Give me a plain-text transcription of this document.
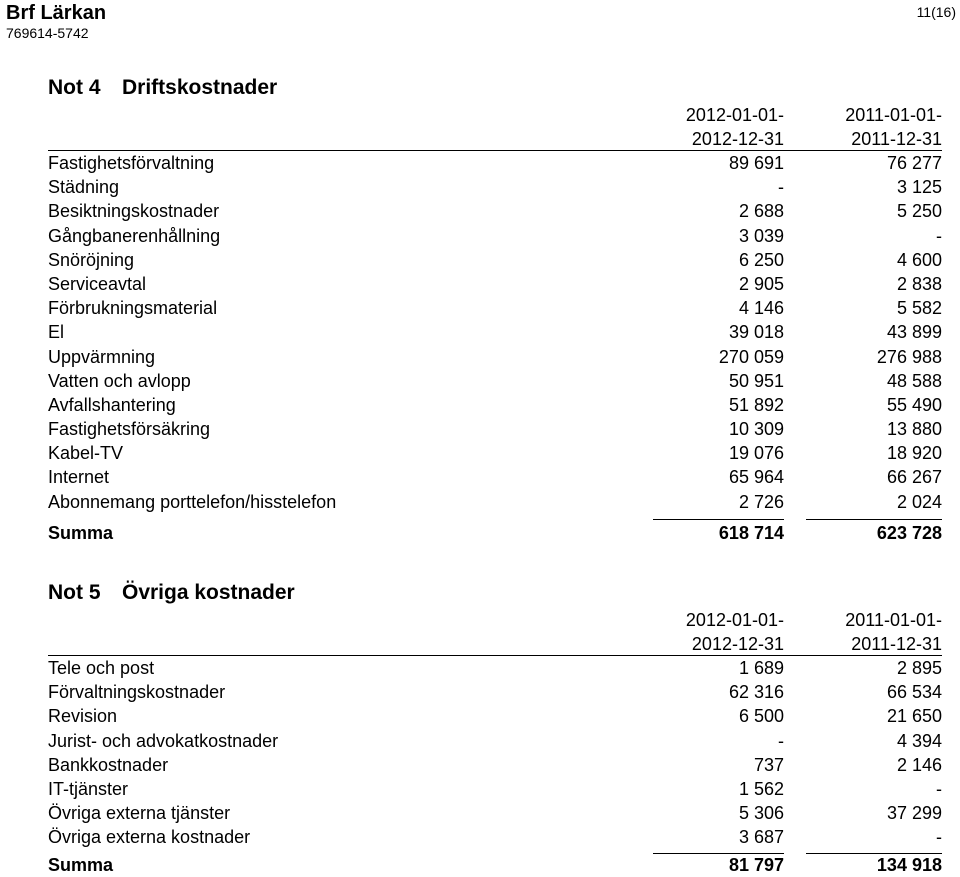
Brf Lärkan
769614-5742
11(16)
Not 4 Driftskostnader
2012-01-01-
2012-12-31
2011-01-01-
2011-12-31
Fastighetsförvaltning	89 691	76 277
Städning	-	3 125
Besiktningskostnader	2 688	5 250
Gångbanerenhållning	3 039	-
Snöröjning	6 250	4 600
Serviceavtal	2 905	2 838
Förbrukningsmaterial	4 146	5 582
El	39 018	43 899
Uppvärmning	270 059	276 988
Vatten och avlopp	50 951	48 588
Avfallshantering	51 892	55 490
Fastighetsförsäkring	10 309	13 880
Kabel-TV	19 076	18 920
Internet	65 964	66 267
Abonnemang porttelefon/hisstelefon	2 726	2 024
Summa	618 714	623 728
Not 5 Övriga kostnader
2012-01-01-
2012-12-31
2011-01-01-
2011-12-31
Tele och post	1 689	2 895
Förvaltningskostnader	62 316	66 534
Revision	6 500	21 650
Jurist- och advokatkostnader	-	4 394
Bankkostnader	737	2 146
IT-tjänster	1 562	-
Övriga externa tjänster	5 306	37 299
Övriga externa kostnader	3 687	-
Summa	81 797	134 918
